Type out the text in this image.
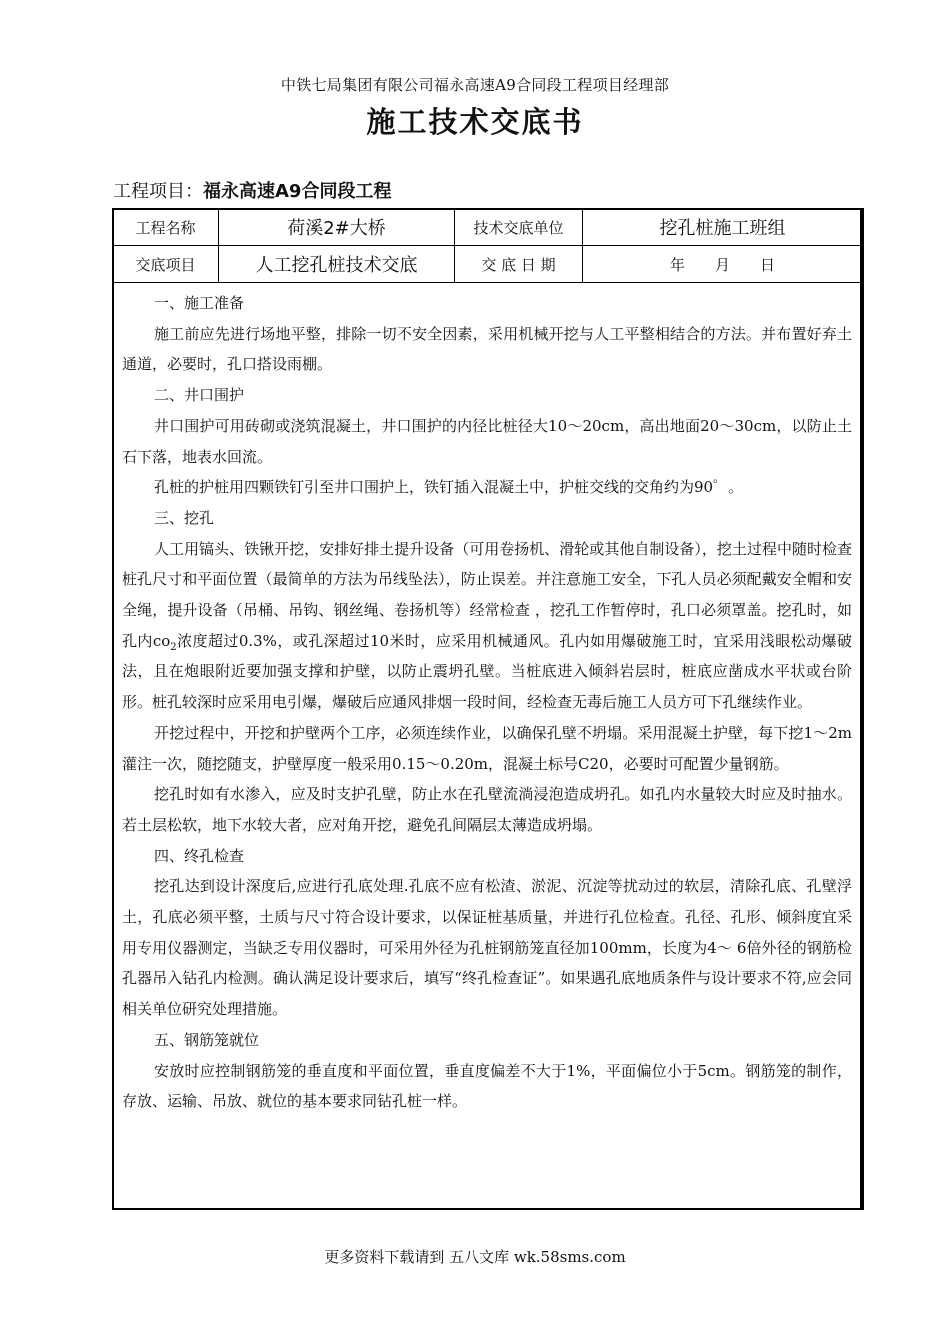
中铁七局集团有限公司福永高速A9合同段工程项目经理部
施工技术交底书
工程项目：福永高速A9合同段工程
工程名称	荷溪2#大桥	技术交底单位	挖孔桩施工班组
交底项目	人工挖孔桩技术交底	交 底 日 期	年　　月　　日

一、施工准备

施工前应先进行场地平整，排除一切不安全因素，采用机械开挖与人工平整相结合的方法。并布置好弃土通道，必要时，孔口搭设雨棚。

二、井口围护

井口围护可用砖砌或浇筑混凝土，井口围护的内径比桩径大10～20cm，高出地面20～30cm，以防止土石下落，地表水回流。

孔桩的护桩用四颗铁钉引至井口围护上，铁钉插入混凝土中，护桩交线的交角约为90゜。

三、挖孔

人工用镐头、铁锹开挖，安排好排土提升设备（可用卷扬机、滑轮或其他自制设备），挖土过程中随时检查桩孔尺寸和平面位置（最简单的方法为吊线坠法），防止误差。并注意施工安全，下孔人员必须配戴安全帽和安全绳，提升设备（吊桶、吊钩、钢丝绳、卷扬机等）经常检查 ，挖孔工作暂停时，孔口必须罩盖。挖孔时，如孔内$co_2$浓度超过0.3%，或孔深超过10米时，应采用机械通风。孔内如用爆破施工时，宜采用浅眼松动爆破法，且在炮眼附近要加强支撑和护壁，以防止震坍孔壁。当桩底进入倾斜岩层时，桩底应凿成水平状或台阶形。桩孔较深时应采用电引爆，爆破后应通风排烟一段时间，经检查无毒后施工人员方可下孔继续作业。

开挖过程中，开挖和护壁两个工序，必须连续作业，以确保孔壁不坍塌。采用混凝土护壁，每下挖1～2m灌注一次，随挖随支，护壁厚度一般采用0.15～0.20m，混凝土标号C20，必要时可配置少量钢筋。

挖孔时如有水渗入，应及时支护孔壁，防止水在孔壁流淌浸泡造成坍孔。如孔内水量较大时应及时抽水。若土层松软，地下水较大者，应对角开挖，避免孔间隔层太薄造成坍塌。

四、终孔检查

挖孔达到设计深度后,应进行孔底处理.孔底不应有松渣、淤泥、沉淀等扰动过的软层，清除孔底、孔壁浮土，孔底必须平整，土质与尺寸符合设计要求，以保证桩基质量，并进行孔位检查。孔径、孔形、倾斜度宜采用专用仪器测定，当缺乏专用仪器时，可采用外径为孔桩钢筋笼直径加100mm，长度为4～ 6倍外径的钢筋检孔器吊入钻孔内检测。确认满足设计要求后，填写“终孔检查证”。如果遇孔底地质条件与设计要求不符,应会同相关单位研究处理措施。

五、钢筋笼就位

安放时应控制钢筋笼的垂直度和平面位置，垂直度偏差不大于1%，平面偏位小于5cm。钢筋笼的制作，存放、运输、吊放、就位的基本要求同钻孔桩一样。

更多资料下载请到 五八文库 wk.58sms.com
